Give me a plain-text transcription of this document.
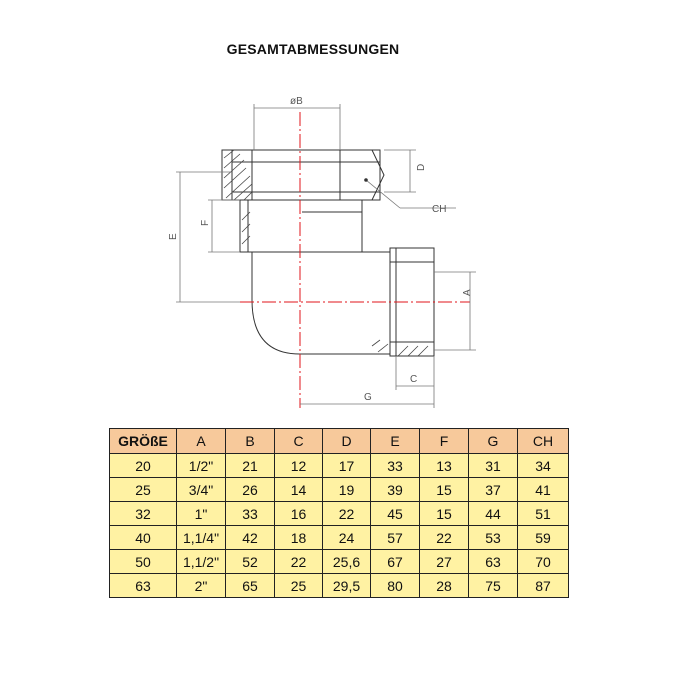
GESAMTABMESSUNGEN
øB
D
CH
E
F
A
C
G
GRÖßE	A	B	C	D	E	F	G	CH
20	1/2"	21	12	17	33	13	31	34
25	3/4"	26	14	19	39	15	37	41
32	1"	33	16	22	45	15	44	51
40	1,1/4"	42	18	24	57	22	53	59
50	1,1/2"	52	22	25,6	67	27	63	70
63	2"	65	25	29,5	80	28	75	87
